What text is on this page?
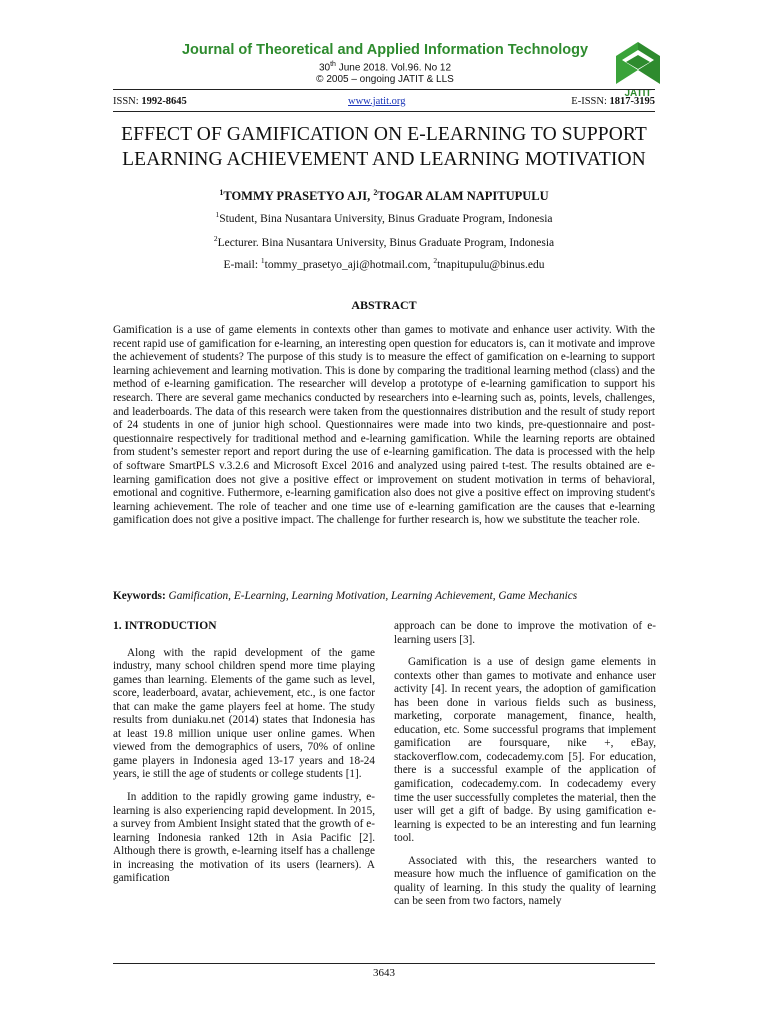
Journal of Theoretical and Applied Information Technology
30th June 2018. Vol.96. No 12
© 2005 – ongoing JATIT & LLS
JATIT
ISSN: 1992-8645	www.jatit.org	E-ISSN: 1817-3195
EFFECT OF GAMIFICATION ON E-LEARNING TO SUPPORT
LEARNING ACHIEVEMENT AND LEARNING MOTIVATION
$^1$TOMMY PRASETYO AJI, $^2$TOGAR ALAM NAPITUPULU
$^1$Student, Bina Nusantara University, Binus Graduate Program, Indonesia
$^2$Lecturer. Bina Nusantara University, Binus Graduate Program, Indonesia
E-mail: $^1$tommy_prasetyo_aji@hotmail.com, $^2$tnapitupulu@binus.edu
ABSTRACT
Gamification is a use of game elements in contexts other than games to motivate and enhance user activity. With the recent rapid use of gamification for e-learning, an interesting open question for educators is, can it motivate and improve the achievement of students? The purpose of this study is to measure the effect of gamification on e-learning to support learning achievement and learning motivation. This is done by comparing the traditional learning method (class) and the method of e-learning gamification. The researcher will develop a prototype of e-learning gamification to support his research. There are several game mechanics conducted by researchers into e-learning such as, points, levels, challenges, and leaderboards. The data of this research were taken from the questionnaires distribution and the result of study report of 24 students in one of junior high school. Questionnaires were made into two kinds, pre-questionnaire and post-questionnaire respectively for traditional method and e-learning gamification. While the learning reports are obtained from student’s semester report and report during the use of e-learning gamification. The data is processed with the help of software SmartPLS v.3.2.6 and Microsoft Excel 2016 and analyzed using paired t-test. The results obtained are e-learning gamification does not give a positive effect or improvement on student motivation in terms of behavioral, emotional and cognitive. Futhermore, e-learning gamification also does not give a positive effect on improving student's learning achievement. The role of teacher and one time use of e-learning gamification are the causes that e-learning gamification does not give a positive impact. The challenge for further research is, how we substitute the teacher role.
Keywords: Gamification, E-Learning, Learning Motivation, Learning Achievement, Game Mechanics
1. INTRODUCTION

Along with the rapid development of the game industry, many school children spend more time playing games than learning. Elements of the game such as level, score, leaderboard, avatar, achievement, etc., is one factor that can make the game players feel at home. The study results from duniaku.net (2014) states that Indonesia has at least 19.8 million unique user online games. When viewed from the demographics of users, 70% of online game players in Indonesia aged 13-17 years and 18-24 years, ie still the age of students or college students [1].

In addition to the rapidly growing game industry, e-learning is also experiencing rapid development. In 2015, a survey from Ambient Insight stated that the growth of e-learning Indonesia ranked 12th in Asia Pacific [2]. Although there is growth, e-learning itself has a challenge in increasing the motivation of its users (learners). A gamification

approach can be done to improve the motivation of e-learning users [3].

Gamification is a use of design game elements in contexts other than games to motivate and enhance user activity [4]. In recent years, the adoption of gamification has been done in various fields such as business, marketing, corporate management, finance, health, education, etc. Some successful programs that implement gamification are foursquare, nike +, eBay, stackoverflow.com, codecademy.com [5]. For education, there is a successful example of the application of gamification, codecademy.com. In codecademy every time the user successfully completes the material, then the user will get a gift of badge. By using gamification e-learning is expected to be an interesting and fun learning tool.

Associated with this, the researchers wanted to measure how much the influence of gamification on the quality of learning. In this study the quality of learning can be seen from two factors, namely

3643
